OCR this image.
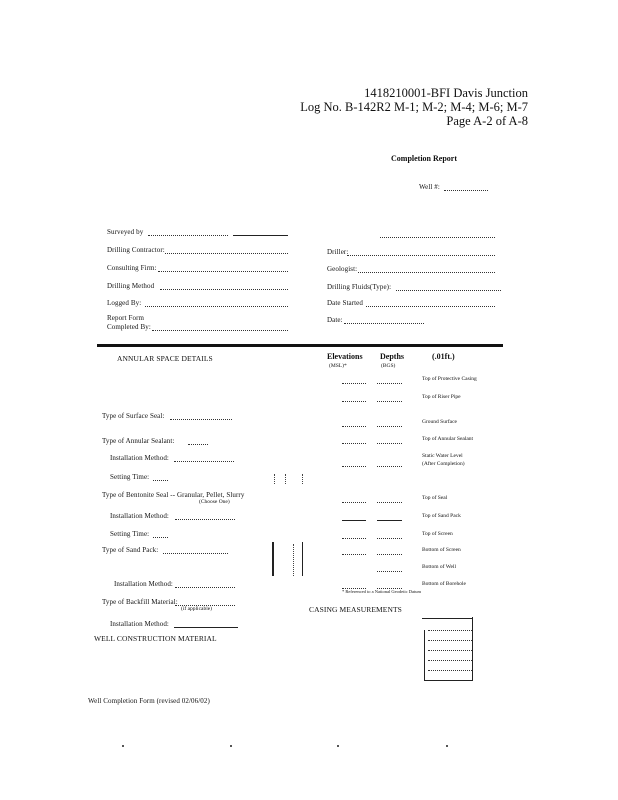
1418210001-BFI Davis Junction
Log No. B-142R2 M-1; M-2; M-4; M-6; M-7
Page A-2 of A-8
Completion Report
Well #:
Surveyed by
Drilling Contractor:
Consulting Firm:
Drilling Method
Logged By:
Report Form
Completed By:
Driller:
Geologist:
Drilling Fluids(Type):
Date Started
Date:
ANNULAR SPACE DETAILS	Elevations
(MSL)*
Depths
(BGS)
(.01ft.)
Type of Surface Seal:
Type of Annular Sealant:
Installation Method:
Setting Time:
Type of Bentonite Seal -- Granular, Pellet, Slurry
(Choose One)
Installation Method:
Setting Time:
Type of Sand Pack:
Installation Method:
Type of Backfill Material:
(if applicable)
Installation Method:
WELL CONSTRUCTION MATERIAL
Top of Protective Casing
Top of Riser Pipe
Ground Surface
Top of Annular Sealant
Static Water Level
(After Completion)
Top of Seal
Top of Sand Pack
Top of Screen
Bottom of Screen
Bottom of Well
Bottom of Borehole
* Referenced to a National Geodetic Datum
CASING MEASUREMENTS
Well Completion Form (revised 02/06/02)
